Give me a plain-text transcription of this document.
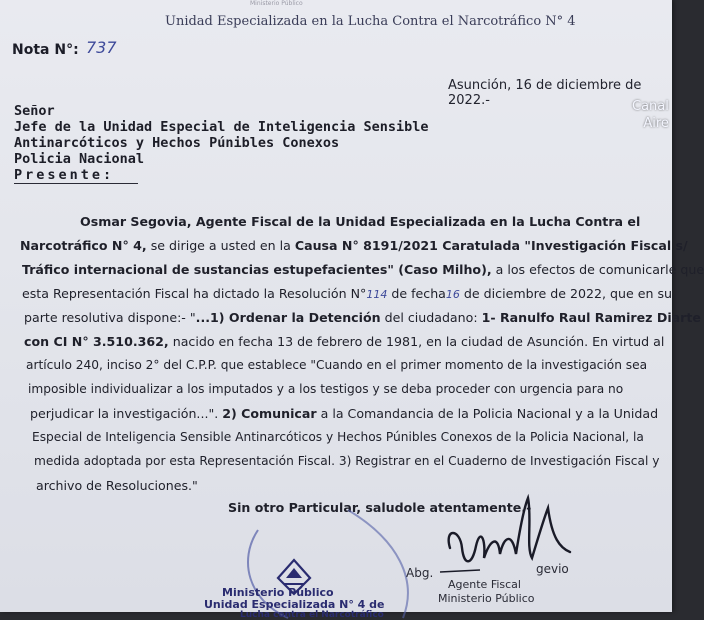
Ministerio Público
Unidad Especializada en la Lucha Contra el Narcotráfico N° 4
Nota N°: 737
Asunción, 16 de diciembre de 2022.-
Señor
Jefe de la Unidad Especial de Inteligencia Sensible
Antinarcóticos y Hechos Púnibles Conexos
Policia Nacional
Presente:
Osmar Segovia, Agente Fiscal de la Unidad Especializada en la Lucha Contra el
Narcotráfico N° 4, se dirige a usted en la Causa N° 8191/2021 Caratulada "Investigación Fiscal s/
Tráfico internacional de sustancias estupefacientes" (Caso Milho), a los efectos de comunicarle que
esta Representación Fiscal ha dictado la Resolución N°114 de fecha16 de diciembre de 2022, que en su
parte resolutiva dispone:- "...1) Ordenar la Detención del ciudadano: 1- Ranulfo Raul Ramirez Diarte
con CI N° 3.510.362, nacido en fecha 13 de febrero de 1981, en la ciudad de Asunción. En virtud al
artículo 240, inciso 2° del C.P.P. que establece "Cuando en el primer momento de la investigación sea
imposible individualizar a los imputados y a los testigos y se deba proceder con urgencia para no
perjudicar la investigación...". 2) Comunicar a la Comandancia de la Policia Nacional y a la Unidad
Especial de Inteligencia Sensible Antinarcóticos y Hechos Púnibles Conexos de la Policia Nacional, la
medida adoptada por esta Representación Fiscal. 3) Registrar en el Cuaderno de Investigación Fiscal y
archivo de Resoluciones."
Sin otro Particular, saludole atentamente.-
Ministerio Público
Unidad Especializada N° 4 de
Lucha contra el Narcotráfico
Abg.	gevio
Agente Fiscal
Ministerio Público
Canal
Aire
